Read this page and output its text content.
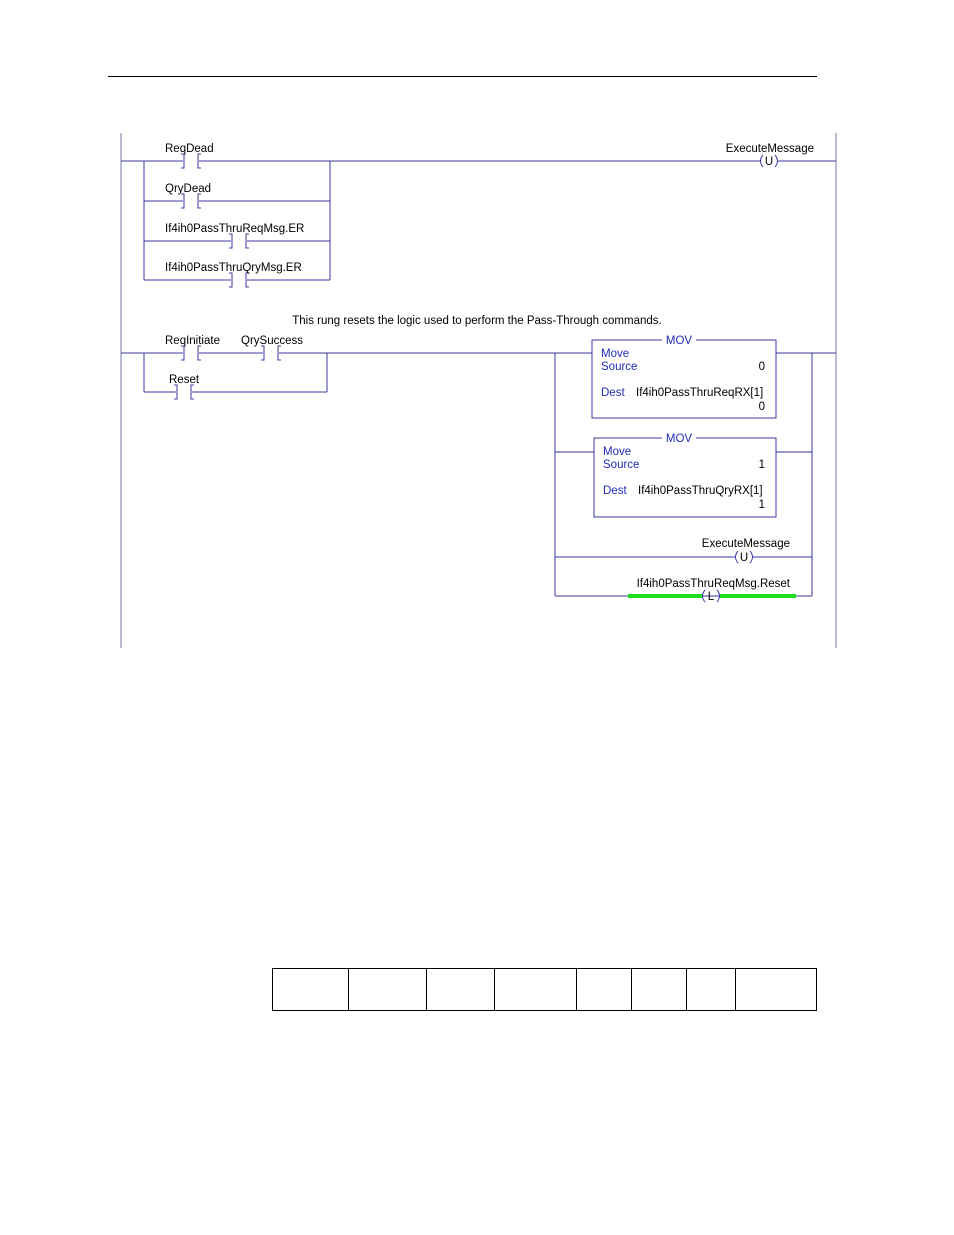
ReqDead
QryDead
If4ih0PassThruReqMsg.ER
If4ih0PassThruQryMsg.ER
U
ExecuteMessage
This rung resets the logic used to perform the Pass-Through commands.
ReqInitiate QrySuccess
Reset
MOV
Move
Source	0
Dest If4ih0PassThruReqRX[1]
0
MOV
Move
Source	1
Dest If4ih0PassThruQryRX[1]
1
U
ExecuteMessage
L
If4ih0PassThruReqMsg.Reset
